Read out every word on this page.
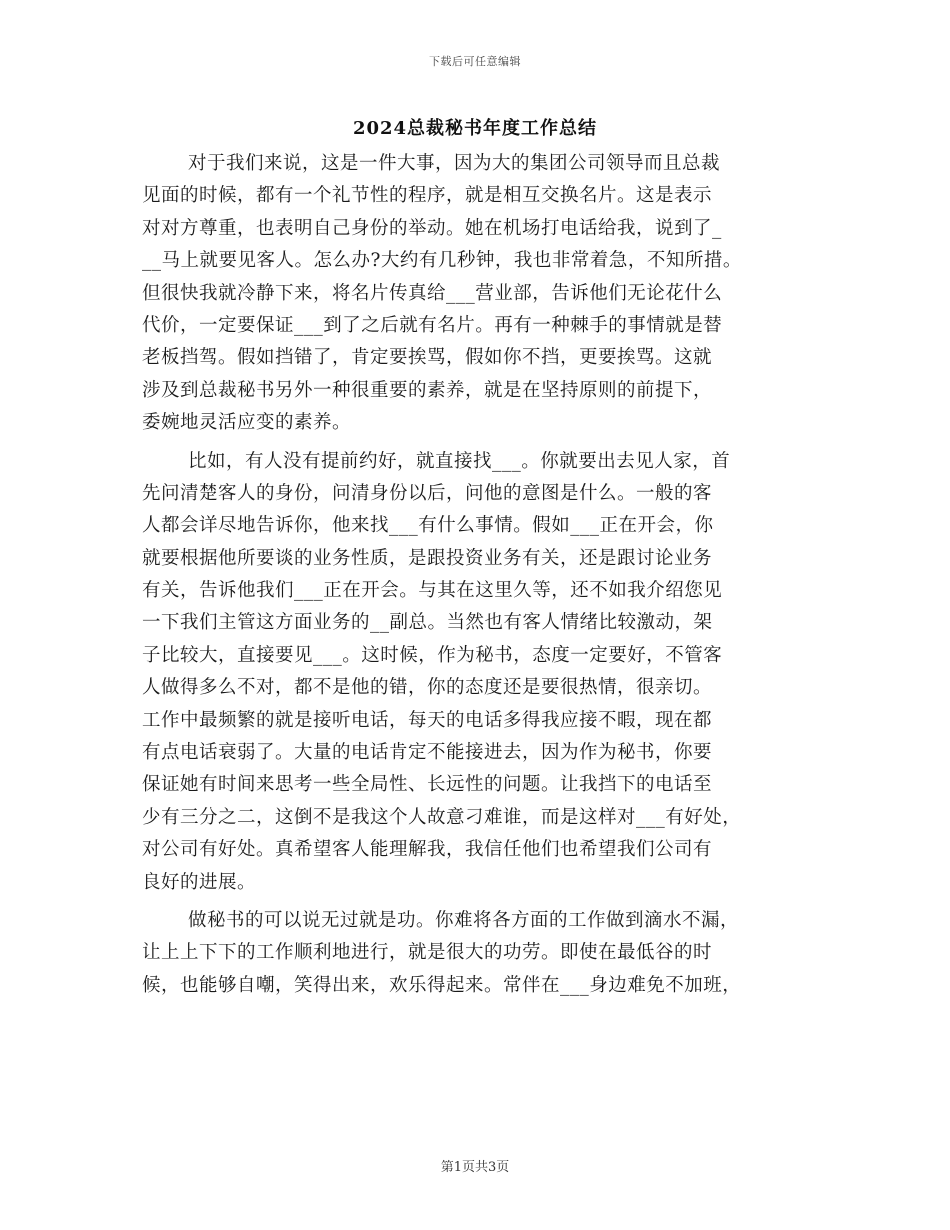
下载后可任意编辑
2024总裁秘书年度工作总结
对于我们来说，这是一件大事，因为大的集团公司领导而且总裁
见面的时候，都有一个礼节性的程序，就是相互交换名片。这是表示
对对方尊重，也表明自己身份的举动。她在机场打电话给我，说到了_
__马上就要见客人。怎么办?大约有几秒钟，我也非常着急，不知所措。
但很快我就冷静下来，将名片传真给___营业部，告诉他们无论花什么
代价，一定要保证___到了之后就有名片。再有一种棘手的事情就是替
老板挡驾。假如挡错了，肯定要挨骂，假如你不挡，更要挨骂。这就
涉及到总裁秘书另外一种很重要的素养，就是在坚持原则的前提下，
委婉地灵活应变的素养。
比如，有人没有提前约好，就直接找___。你就要出去见人家，首
先问清楚客人的身份，问清身份以后，问他的意图是什么。一般的客
人都会详尽地告诉你，他来找___有什么事情。假如___正在开会，你
就要根据他所要谈的业务性质，是跟投资业务有关，还是跟讨论业务
有关，告诉他我们___正在开会。与其在这里久等，还不如我介绍您见
一下我们主管这方面业务的__副总。当然也有客人情绪比较激动，架
子比较大，直接要见___。这时候，作为秘书，态度一定要好，不管客
人做得多么不对，都不是他的错，你的态度还是要很热情，很亲切。
工作中最频繁的就是接听电话，每天的电话多得我应接不暇，现在都
有点电话衰弱了。大量的电话肯定不能接进去，因为作为秘书，你要
保证她有时间来思考一些全局性、长远性的问题。让我挡下的电话至
少有三分之二，这倒不是我这个人故意刁难谁，而是这样对___有好处，
对公司有好处。真希望客人能理解我，我信任他们也希望我们公司有
良好的进展。
做秘书的可以说无过就是功。你难将各方面的工作做到滴水不漏，
让上上下下的工作顺利地进行，就是很大的功劳。即使在最低谷的时
候，也能够自嘲，笑得出来，欢乐得起来。常伴在___身边难免不加班，
第1页共3页
